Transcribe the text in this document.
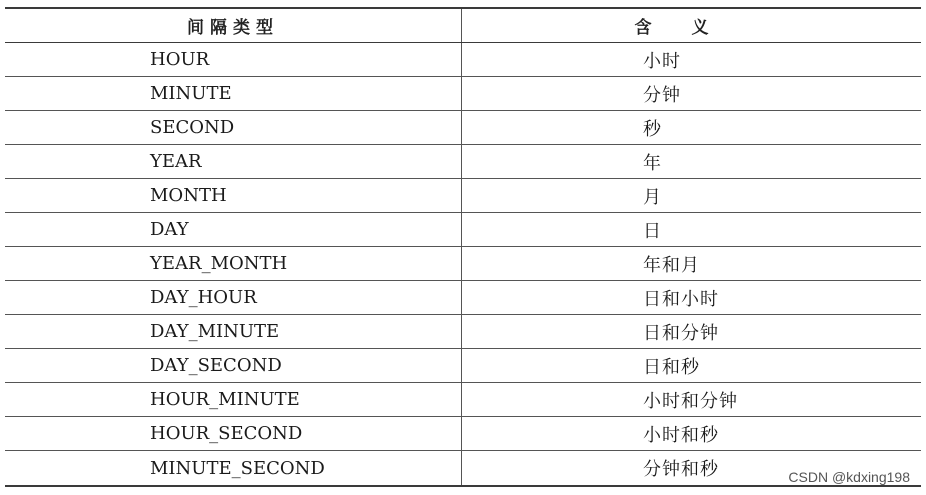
间隔类型	含义
HOUR	小时
MINUTE	分钟
SECOND	秒
YEAR	年
MONTH	月
DAY	日
YEAR_MONTH	年和月
DAY_HOUR	日和小时
DAY_MINUTE	日和分钟
DAY_SECOND	日和秒
HOUR_MINUTE	小时和分钟
HOUR_SECOND	小时和秒
MINUTE_SECOND	分钟和秒	CSDN @kdxing198
